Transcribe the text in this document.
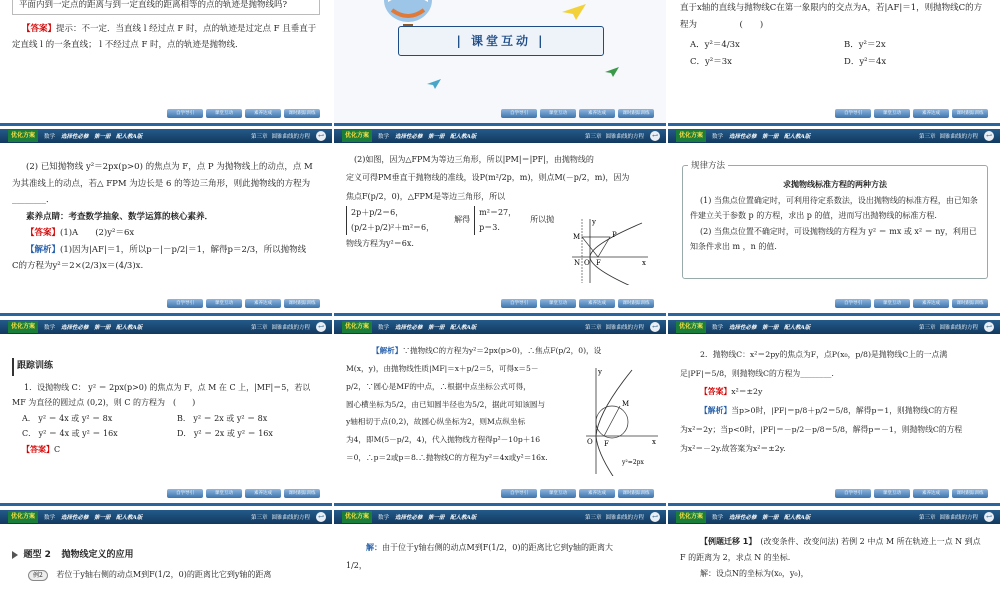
平面内到一定点的距离与到一定直线的距离相等的点的轨迹是抛物线吗?
【答案】提示：不一定．当直线 l 经过点 F 时，点的轨迹是过定点 F 且垂直于定直线 l 的一条直线； l 不经过点 F 时，点的轨迹是抛物线．
自学导引	课堂互动	素养达成	课时跟踪训练
| 课堂互动 |
自学导引	课堂互动	素养达成	课时跟踪训练
直于x轴的直线与抛物线C在第一象限内的交点为A，若|AF|＝1，则抛物线C的方程为　　　　　(　　)
A．y²＝4/3x	B．y²＝2x
C．y²＝3x	D．y²＝4x
自学导引	课堂互动	素养达成	课时跟踪训练
优化方案	数学 选择性必修　第一册　配人教A版	第三章 圆锥曲线的方程 ↩
(2) 已知抛物线 y²＝2px(p>0) 的焦点为 F，点 P 为抛物线上的动点，点 M 为其准线上的动点，若△ FPM 为边长是 6 的等边三角形，则此抛物线的方程为________．
素养点睛：考查数学抽象、数学运算的核心素养．
【答案】(1)A　　(2)y²＝6x
【解析】(1)因为|AF|＝1，所以p－|－p/2|＝1，解得p＝2/3，所以抛物线
C的方程为y²＝2×(2/3)x＝(4/3)x.
自学导引	课堂互动	素养达成	课时跟踪训练
优化方案	数学 选择性必修　第一册　配人教A版	第三章 圆锥曲线的方程 ↩
(2)如图，因为△FPM为等边三角形，所以|PM|＝|PF|，由抛物线的
定义可得PM垂直于抛物线的准线，设P(m²/2p，m)，则点M(－p/2，m)，因为
焦点F(p/2，0)，△FPM是等边三角形，所以
2p＋p/2＝6，
(p/2＋p/2)²＋m²＝6，
解得
m²＝27，
p＝3.
所以抛
物线方程为y²＝6x.
y
x
M	P
N O F
自学导引	课堂互动	素养达成	课时跟踪训练
优化方案	数学 选择性必修　第一册　配人教A版	第三章 圆锥曲线的方程 ↩
规律方法
求抛物线标准方程的两种方法
(1) 当焦点位置确定时，可利用待定系数法，设出抛物线的标准方程，由已知条件建立关于参数 p 的方程，求出 p 的值，进而写出抛物线的标准方程．
(2) 当焦点位置不确定时，可设抛物线的方程为 y² ＝ mx 或 x² ＝ ny，利用已知条件求出 m ，n 的值．
自学导引	课堂互动	素养达成	课时跟踪训练
优化方案	数学 选择性必修　第一册　配人教A版	第三章 圆锥曲线的方程 ↩
跟踪训练
1．设抛物线 C： y² ＝ 2px(p>0) 的焦点为 F，点 M 在 C 上，|MF|＝5，若以 MF 为直径的圆过点 (0,2)，则 C 的方程为　(　　)
A． y² ＝ 4x 或 y² ＝ 8x	B． y² ＝ 2x 或 y² ＝ 8x
C． y² ＝ 4x 或 y² ＝ 16x	D． y² ＝ 2x 或 y² ＝ 16x
【答案】C
自学导引	课堂互动	素养达成	课时跟踪训练
优化方案	数学 选择性必修　第一册　配人教A版	第三章 圆锥曲线的方程 ↩
【解析】∵抛物线C的方程为y²＝2px(p>0)，∴焦点F(p/2，0)，设
M(x，y)，由抛物线性质|MF|＝x＋p/2＝5，可得x＝5－
p/2，∵圆心是MF的中点，∴根据中点坐标公式可得，
圆心横坐标为5/2，由已知圆半径也为5/2，据此可知该圆与
y轴相切于点(0,2)，故圆心纵坐标为2，则M点纵坐标
为4，即M(5－p/2，4)，代入抛物线方程得p²－10p＋16
＝0，∴p＝2或p＝8.∴抛物线C的方程为y²＝4x或y²＝16x.
y
x
M
O F
y²=2px
自学导引	课堂互动	素养达成	课时跟踪训练
优化方案	数学 选择性必修　第一册　配人教A版	第三章 圆锥曲线的方程 ↩
2．抛物线C：x²＝2py的焦点为F，点P(x₀，p/8)是抛物线C上的一点满
足|PF|＝5/8，则抛物线C的方程为________.
【答案】x²＝±2y
【解析】当p>0时，|PF|＝p/8＋p/2＝5/8，解得p＝1，则抛物线C的方程
为x²＝2y；当p<0时，|PF|＝－p/2－p/8＝5/8，解得p＝－1，则抛物线C的方程
为x²＝－2y.故答案为x²＝±2y.
自学导引	课堂互动	素养达成	课时跟踪训练
优化方案	数学 选择性必修　第一册　配人教A版	第三章 圆锥曲线的方程 ↩
题型 2 抛物线定义的应用
例2 若位于y轴右侧的动点M到F(1/2，0)的距离比它到y轴的距离
优化方案	数学 选择性必修　第一册　配人教A版	第三章 圆锥曲线的方程 ↩
解：由于位于y轴右侧的动点M到F(1/2，0)的距离比它到y轴的距离大
1/2，
优化方案	数学 选择性必修　第一册　配人教A版	第三章 圆锥曲线的方程 ↩
【例题迁移 1】 (改变条件、改变问法) 若例 2 中点 M 所在轨迹上一点 N 到点 F 的距离为 2，求点 N 的坐标.
解：设点N的坐标为(x₀，y₀)，
